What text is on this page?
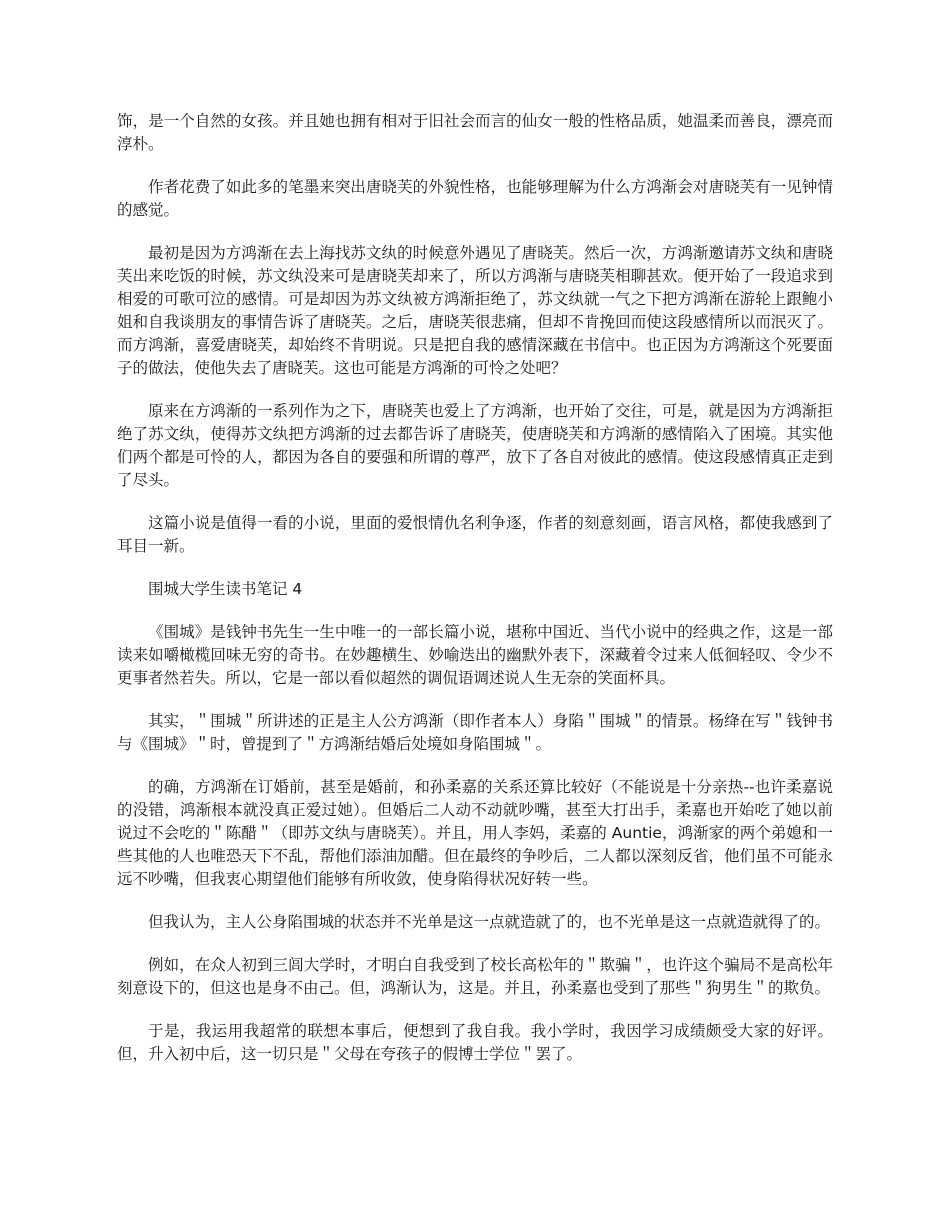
饰，是一个自然的女孩。并且她也拥有相对于旧社会而言的仙女一般的性格品质，她温柔而善良，漂亮而淳朴。

作者花费了如此多的笔墨来突出唐晓芙的外貌性格，也能够理解为什么方鸿渐会对唐晓芙有一见钟情的感觉。

最初是因为方鸿渐在去上海找苏文纨的时候意外遇见了唐晓芙。然后一次，方鸿渐邀请苏文纨和唐晓芙出来吃饭的时候，苏文纨没来可是唐晓芙却来了，所以方鸿渐与唐晓芙相聊甚欢。便开始了一段追求到相爱的可歌可泣的感情。可是却因为苏文纨被方鸿渐拒绝了，苏文纨就一气之下把方鸿渐在游轮上跟鲍小姐和自我谈朋友的事情告诉了唐晓芙。之后，唐晓芙很悲痛，但却不肯挽回而使这段感情所以而泯灭了。而方鸿渐，喜爱唐晓芙，却始终不肯明说。只是把自我的感情深藏在书信中。也正因为方鸿渐这个死要面子的做法，使他失去了唐晓芙。这也可能是方鸿渐的可怜之处吧？

原来在方鸿渐的一系列作为之下，唐晓芙也爱上了方鸿渐，也开始了交往，可是，就是因为方鸿渐拒绝了苏文纨，使得苏文纨把方鸿渐的过去都告诉了唐晓芙，使唐晓芙和方鸿渐的感情陷入了困境。其实他们两个都是可怜的人，都因为各自的要强和所谓的尊严，放下了各自对彼此的感情。使这段感情真正走到了尽头。

这篇小说是值得一看的小说，里面的爱恨情仇名利争逐，作者的刻意刻画，语言风格，都使我感到了耳目一新。

围城大学生读书笔记 4

《围城》是钱钟书先生一生中唯一的一部长篇小说，堪称中国近、当代小说中的经典之作，这是一部读来如嚼橄榄回味无穷的奇书。在妙趣横生、妙喻迭出的幽默外表下，深藏着令过来人低徊轻叹、令少不更事者然若失。所以，它是一部以看似超然的调侃语调述说人生无奈的笑面杯具。

其实，＂围城＂所讲述的正是主人公方鸿渐（即作者本人）身陷＂围城＂的情景。杨绛在写＂钱钟书与《围城》＂时，曾提到了＂方鸿渐结婚后处境如身陷围城＂。

的确，方鸿渐在订婚前，甚至是婚前，和孙柔嘉的关系还算比较好（不能说是十分亲热--也许柔嘉说的没错，鸿渐根本就没真正爱过她）。但婚后二人动不动就吵嘴，甚至大打出手，柔嘉也开始吃了她以前说过不会吃的＂陈醋＂（即苏文纨与唐晓芙）。并且，用人李妈，柔嘉的 Auntie，鸿渐家的两个弟媳和一些其他的人也唯恐天下不乱，帮他们添油加醋。但在最终的争吵后，二人都以深刻反省，他们虽不可能永远不吵嘴，但我衷心期望他们能够有所收敛，使身陷得状况好转一些。

但我认为，主人公身陷围城的状态并不光单是这一点就造就了的，也不光单是这一点就造就得了的。

例如，在众人初到三闾大学时，才明白自我受到了校长高松年的＂欺骗＂，也许这个骗局不是高松年刻意设下的，但这也是身不由己。但，鸿渐认为，这是。并且，孙柔嘉也受到了那些＂狗男生＂的欺负。

于是，我运用我超常的联想本事后，便想到了我自我。我小学时，我因学习成绩颇受大家的好评。但，升入初中后，这一切只是＂父母在夸孩子的假博士学位＂罢了。
